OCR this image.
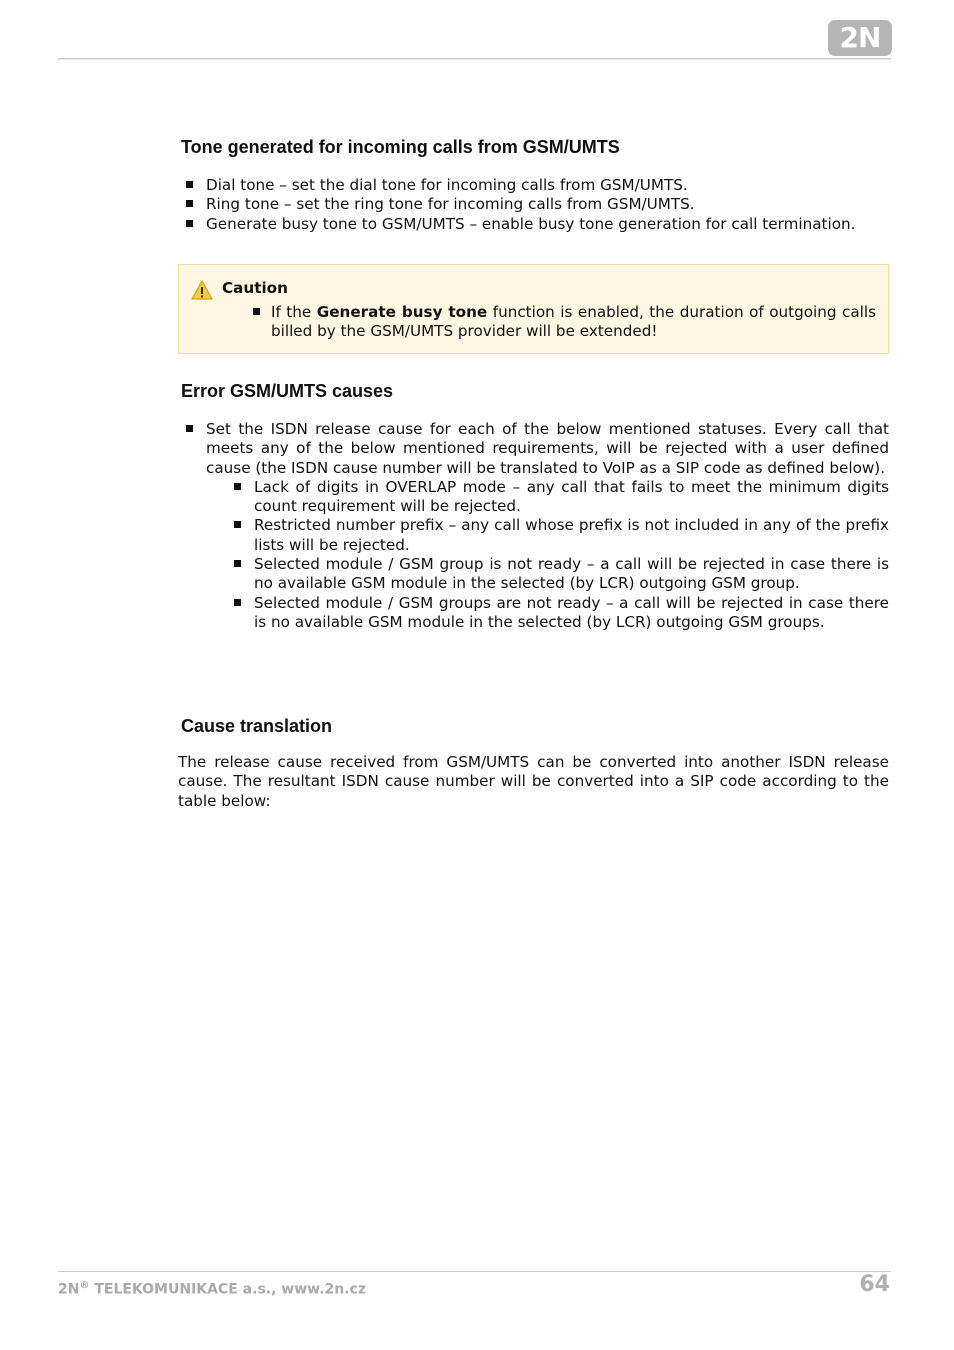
2N
Tone generated for incoming calls from GSM/UMTS
Dial tone – set the dial tone for incoming calls from GSM/UMTS.
Ring tone – set the ring tone for incoming calls from GSM/UMTS.
Generate busy tone to GSM/UMTS – enable busy tone generation for call termination.
Caution
If the Generate busy tone function is enabled, the duration of outgoing calls billed by the GSM/UMTS provider will be extended!
Error GSM/UMTS causes
Set the ISDN release cause for each of the below mentioned statuses. Every call that meets any of the below mentioned requirements, will be rejected with a user defined cause (the ISDN cause number will be translated to VoIP as a SIP code as defined below).
Lack of digits in OVERLAP mode – any call that fails to meet the minimum digits count requirement will be rejected.
Restricted number prefix – any call whose prefix is not included in any of the prefix lists will be rejected.
Selected module / GSM group is not ready – a call will be rejected in case there is no available GSM module in the selected (by LCR) outgoing GSM group.
Selected module / GSM groups are not ready – a call will be rejected in case there is no available GSM module in the selected (by LCR) outgoing GSM groups.
Cause translation

The release cause received from GSM/UMTS can be converted into another ISDN release cause. The resultant ISDN cause number will be converted into a SIP code according to the table below:

2N® TELEKOMUNIKACE a.s., www.2n.cz	64
